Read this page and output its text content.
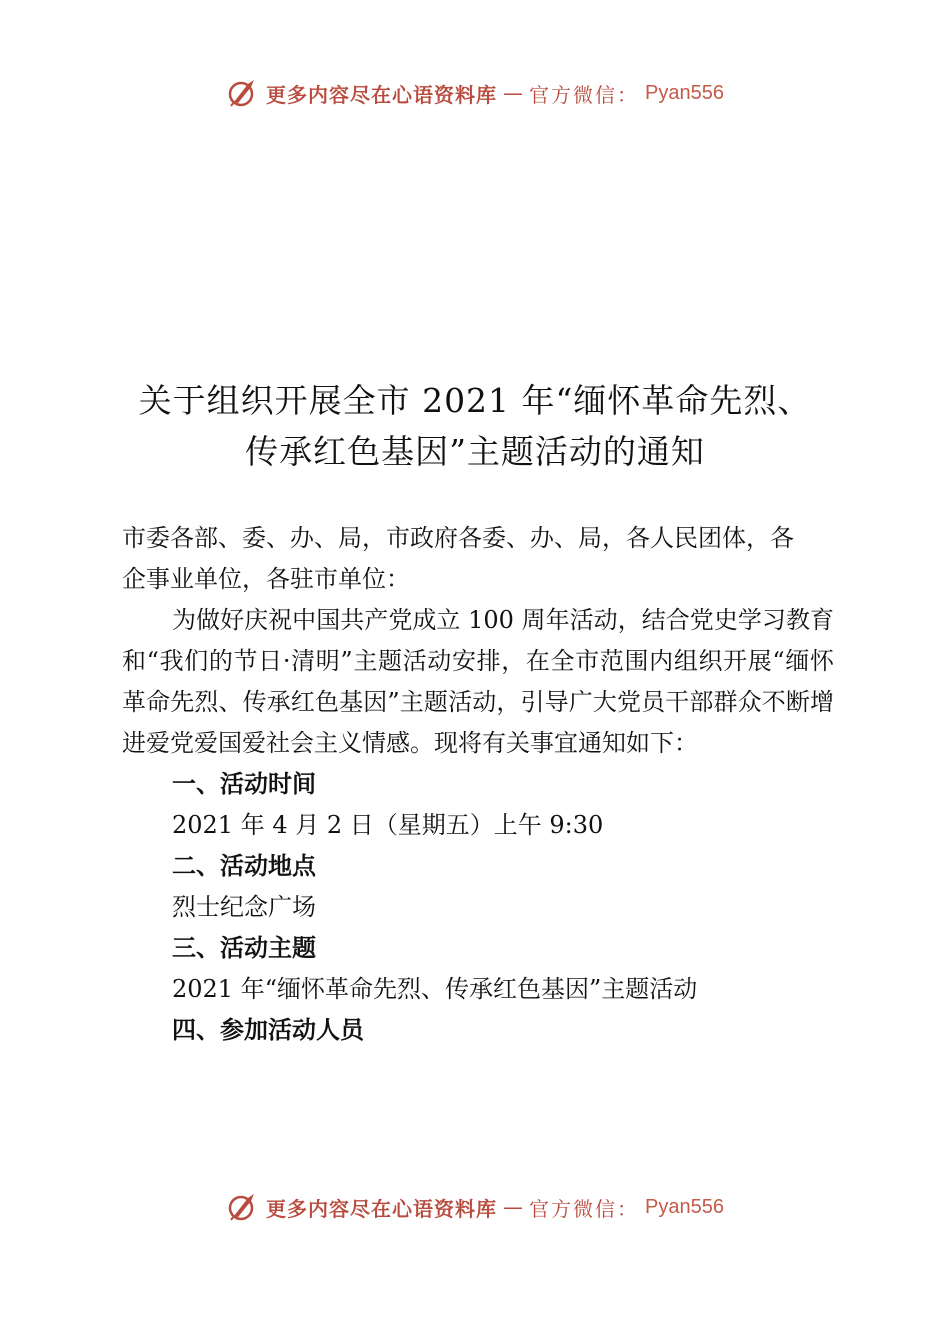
更多内容尽在心语资料库 — 官方微信： Pyan556
关于组织开展全市 2021 年“缅怀革命先烈、
传承红色基因”主题活动的通知

市委各部、委、办、局，市政府各委、办、局，各人民团体，各

企事业单位，各驻市单位：

为做好庆祝中国共产党成立 100 周年活动，结合党史学习教育和“我们的节日·清明”主题活动安排，在全市范围内组织开展“缅怀革命先烈、传承红色基因”主题活动，引导广大党员干部群众不断增进爱党爱国爱社会主义情感。现将有关事宜通知如下：

一、活动时间

2021 年 4 月 2 日（星期五）上午 9:30

二、活动地点

烈士纪念广场

三、活动主题

2021 年“缅怀革命先烈、传承红色基因”主题活动

四、参加活动人员

更多内容尽在心语资料库 — 官方微信： Pyan556
